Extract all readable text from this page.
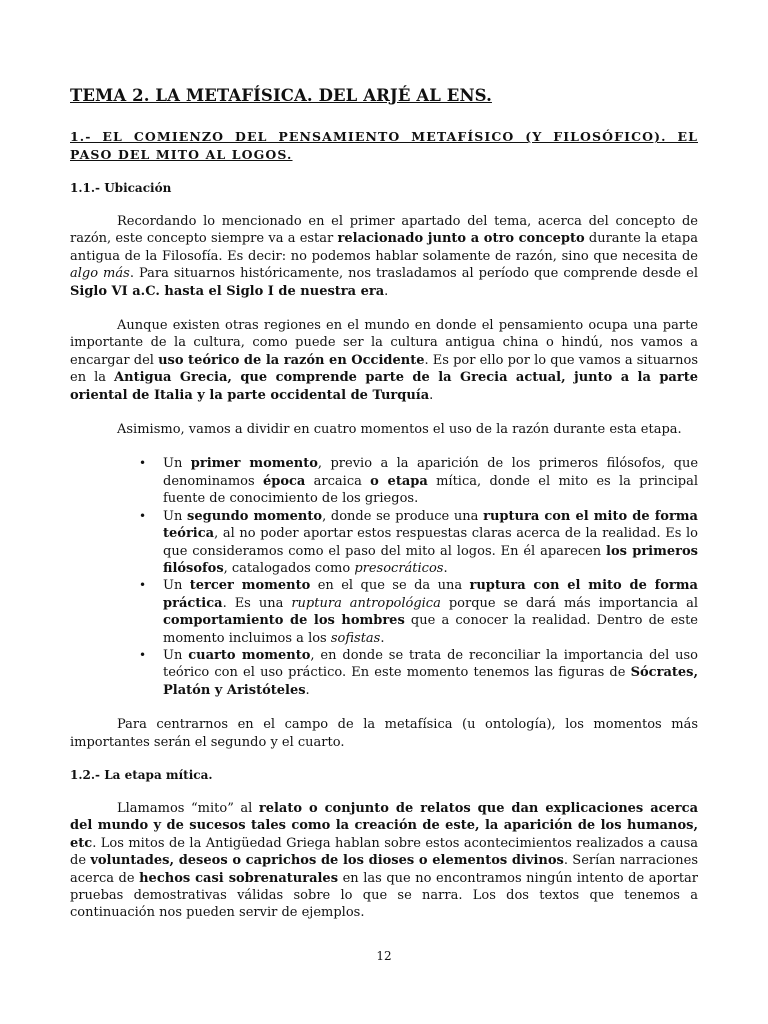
TEMA 2. LA METAFÍSICA. DEL ARJÉ AL ENS.
1.- EL COMIENZO DEL PENSAMIENTO METAFÍSICO (Y FILOSÓFICO). EL PASO DEL MITO AL LOGOS.
1.1.- Ubicación

Recordando lo mencionado en el primer apartado del tema, acerca del concepto de razón, este concepto siempre va a estar relacionado junto a otro concepto durante la etapa antigua de la Filosofía. Es decir: no podemos hablar solamente de razón, sino que necesita de algo más. Para situarnos históricamente, nos trasladamos al período que comprende desde el Siglo VI a.C. hasta el Siglo I de nuestra era.

Aunque existen otras regiones en el mundo en donde el pensamiento ocupa una parte importante de la cultura, como puede ser la cultura antigua china o hindú, nos vamos a encargar del uso teórico de la razón en Occidente. Es por ello por lo que vamos a situarnos en la Antigua Grecia, que comprende parte de la Grecia actual, junto a la parte oriental de Italia y la parte occidental de Turquía.

Asimismo, vamos a dividir en cuatro momentos el uso de la razón durante esta etapa.

• Un primer momento, previo a la aparición de los primeros filósofos, que denominamos época arcaica o etapa mítica, donde el mito es la principal fuente de conocimiento de los griegos.
• Un segundo momento, donde se produce una ruptura con el mito de forma teórica, al no poder aportar estos respuestas claras acerca de la realidad. Es lo que consideramos como el paso del mito al logos. En él aparecen los primeros filósofos, catalogados como presocráticos.
• Un tercer momento en el que se da una ruptura con el mito de forma práctica. Es una ruptura antropológica porque se dará más importancia al comportamiento de los hombres que a conocer la realidad. Dentro de este momento incluimos a los sofistas.
• Un cuarto momento, en donde se trata de reconciliar la importancia del uso teórico con el uso práctico. En este momento tenemos las figuras de Sócrates, Platón y Aristóteles.

Para centrarnos en el campo de la metafísica (u ontología), los momentos más importantes serán el segundo y el cuarto.

1.2.- La etapa mítica.

Llamamos “mito” al relato o conjunto de relatos que dan explicaciones acerca del mundo y de sucesos tales como la creación de este, la aparición de los humanos, etc. Los mitos de la Antigüedad Griega hablan sobre estos acontecimientos realizados a causa de voluntades, deseos o caprichos de los dioses o elementos divinos. Serían narraciones acerca de hechos casi sobrenaturales en las que no encontramos ningún intento de aportar pruebas demostrativas válidas sobre lo que se narra. Los dos textos que tenemos a continuación nos pueden servir de ejemplos.

12
